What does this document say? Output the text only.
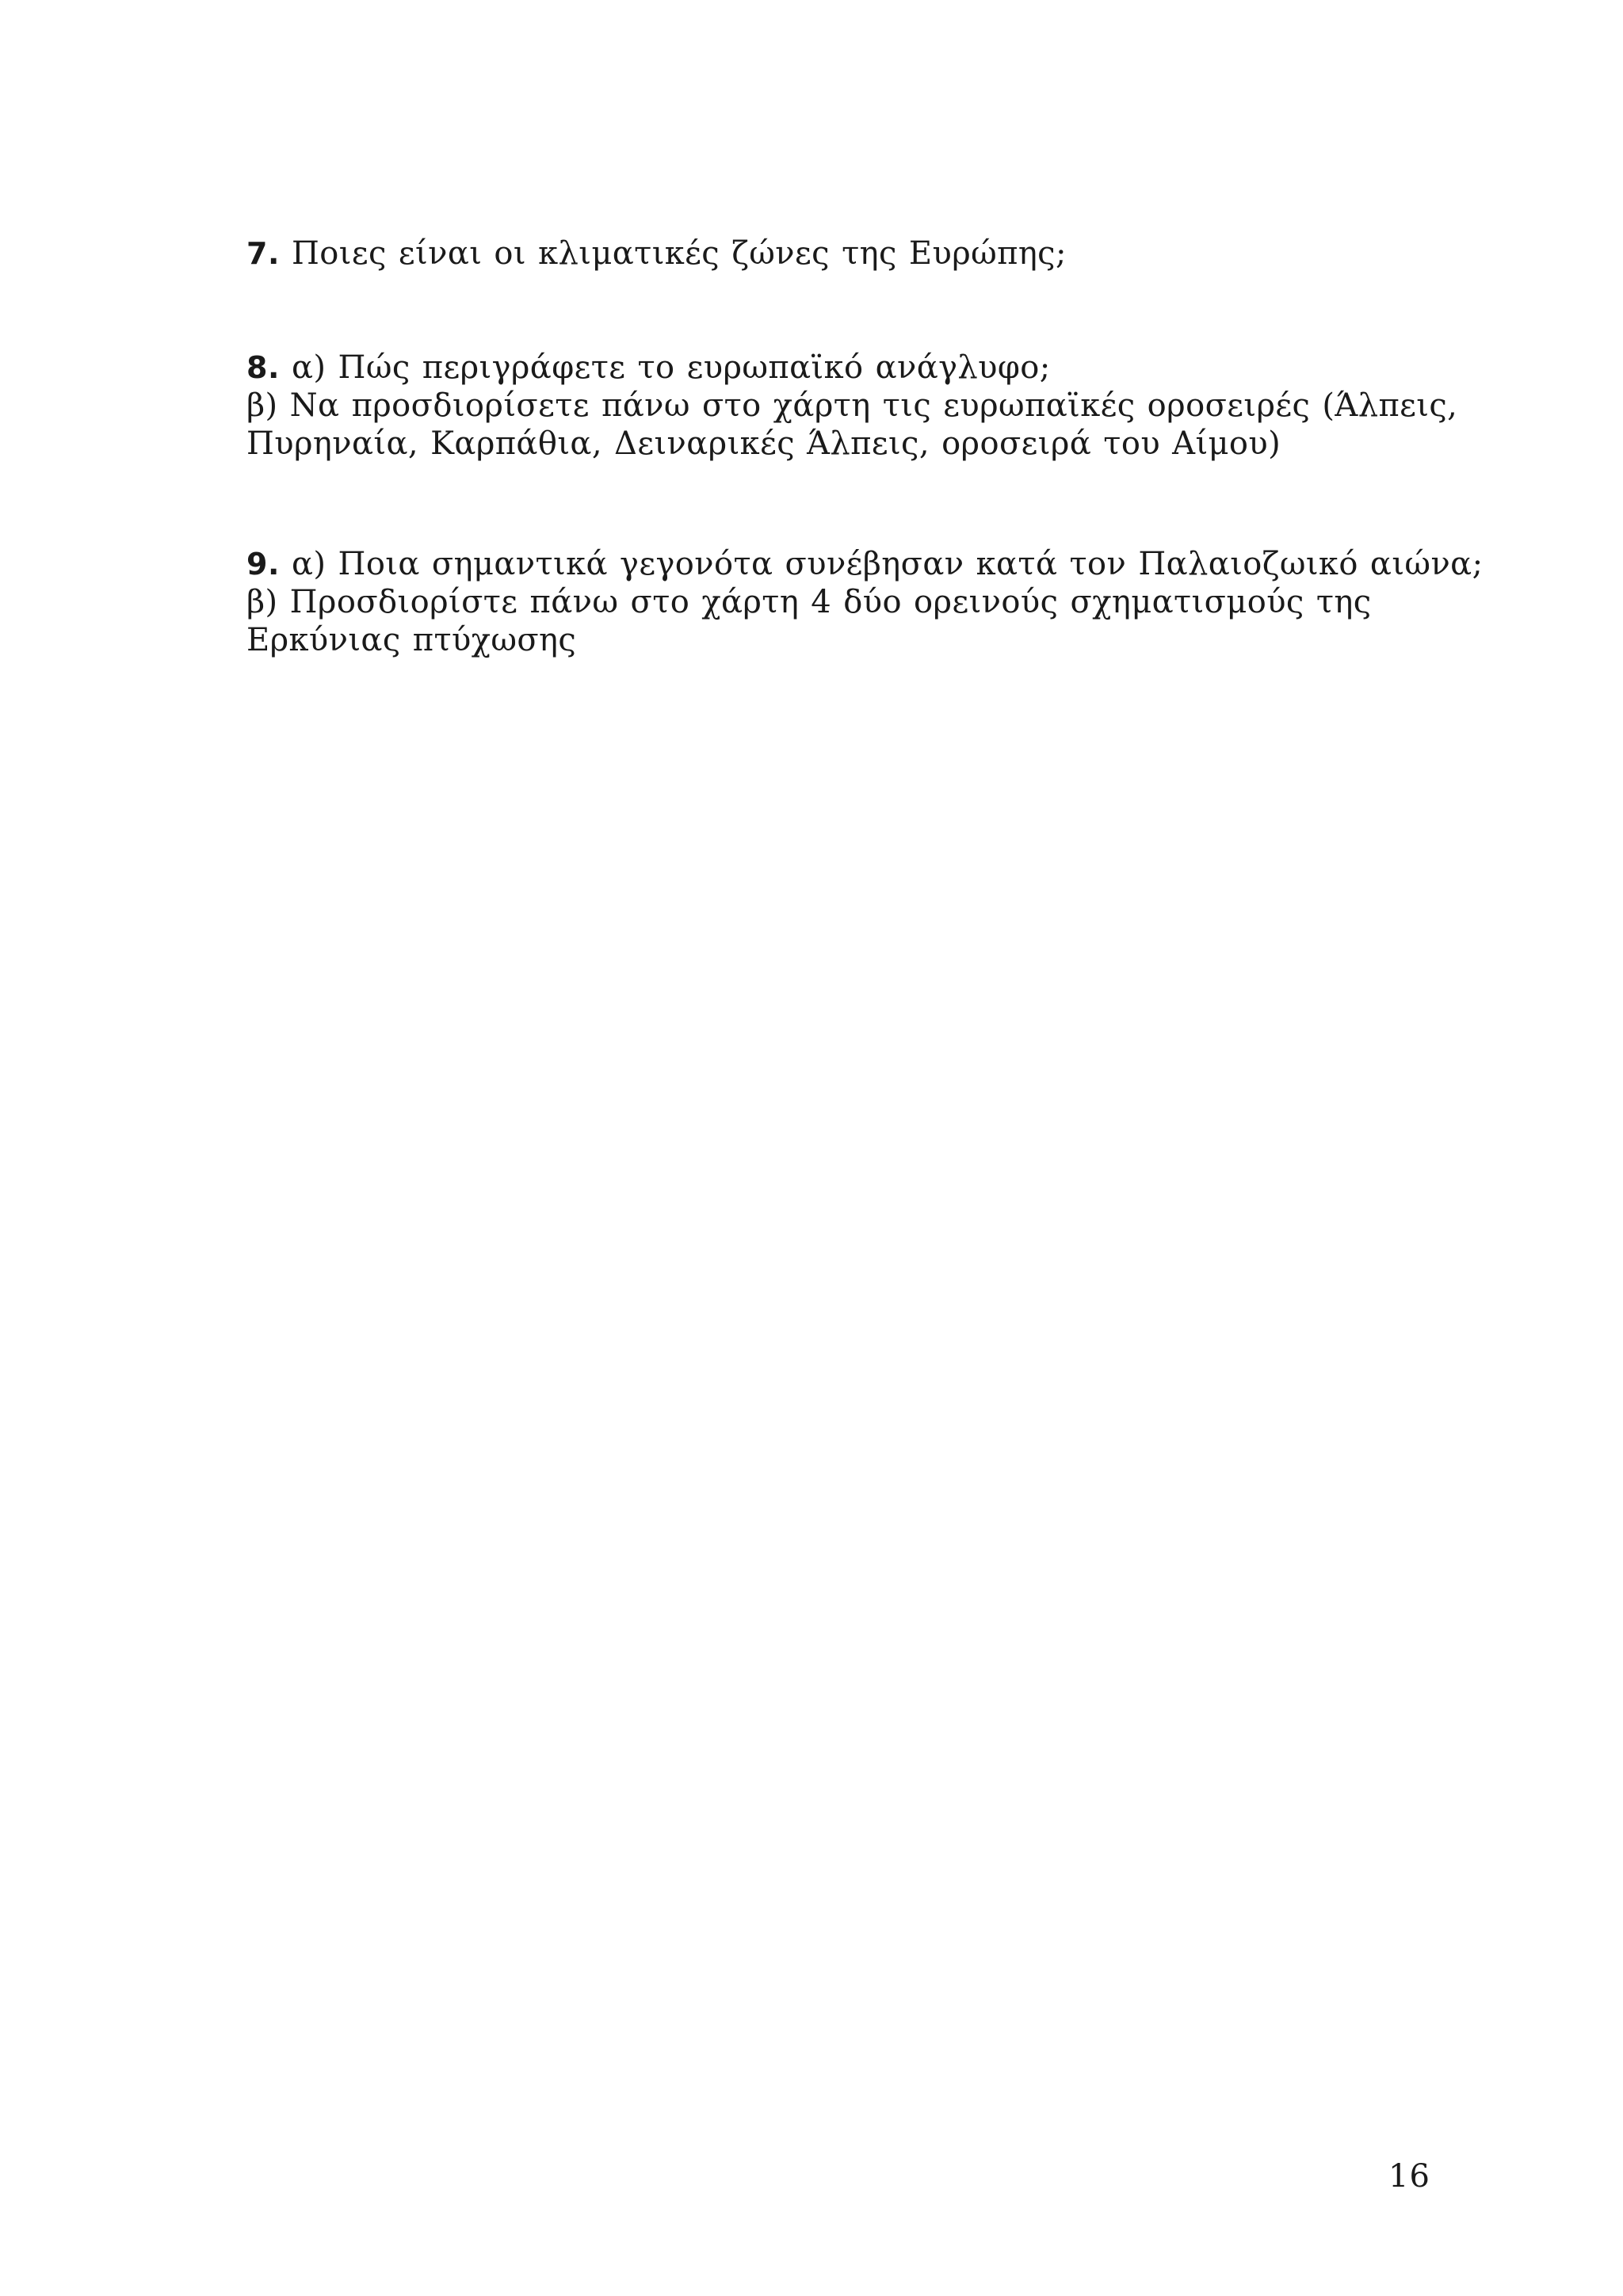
7. Ποιες είναι οι κλιματικές ζώνες της Ευρώπης;
8. α) Πώς περιγράφετε το ευρωπαϊκό ανάγλυφο;
β) Να προσδιορίσετε πάνω στο χάρτη τις ευρωπαϊκές οροσειρές (Άλπεις,
Πυρηναία, Καρπάθια, Δειναρικές Άλπεις, οροσειρά του Αίμου)
9. α) Ποια σημαντικά γεγονότα συνέβησαν κατά τον Παλαιοζωικό αιώνα;
β) Προσδιορίστε πάνω στο χάρτη 4 δύο ορεινούς σχηματισμούς της
Ερκύνιας πτύχωσης
16
